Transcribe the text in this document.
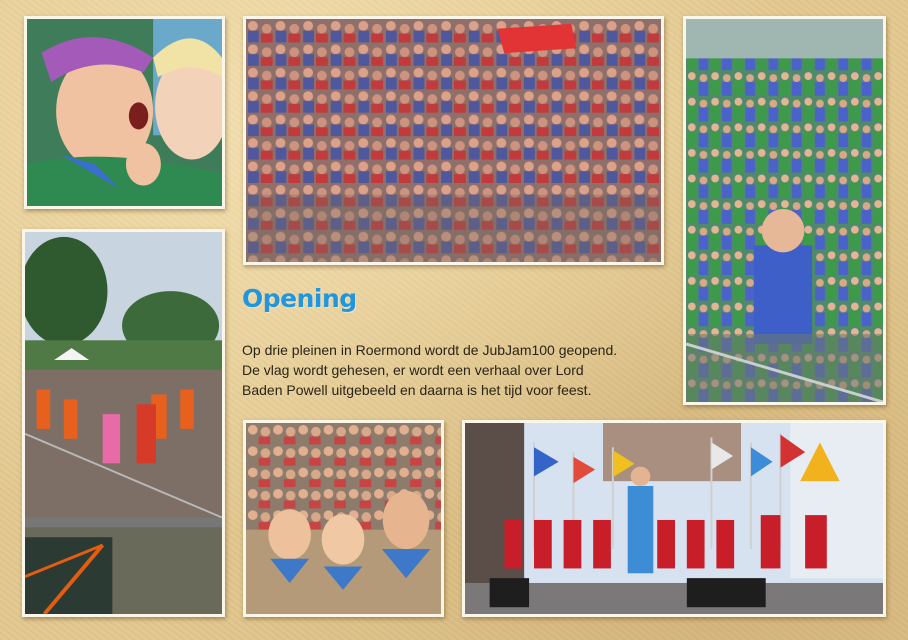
Opening

Op drie pleinen in Roermond wordt de JubJam100 geopend.
De vlag wordt gehesen, er wordt een verhaal over Lord
Baden Powell uitgebeeld en daarna is het tijd voor feest.
